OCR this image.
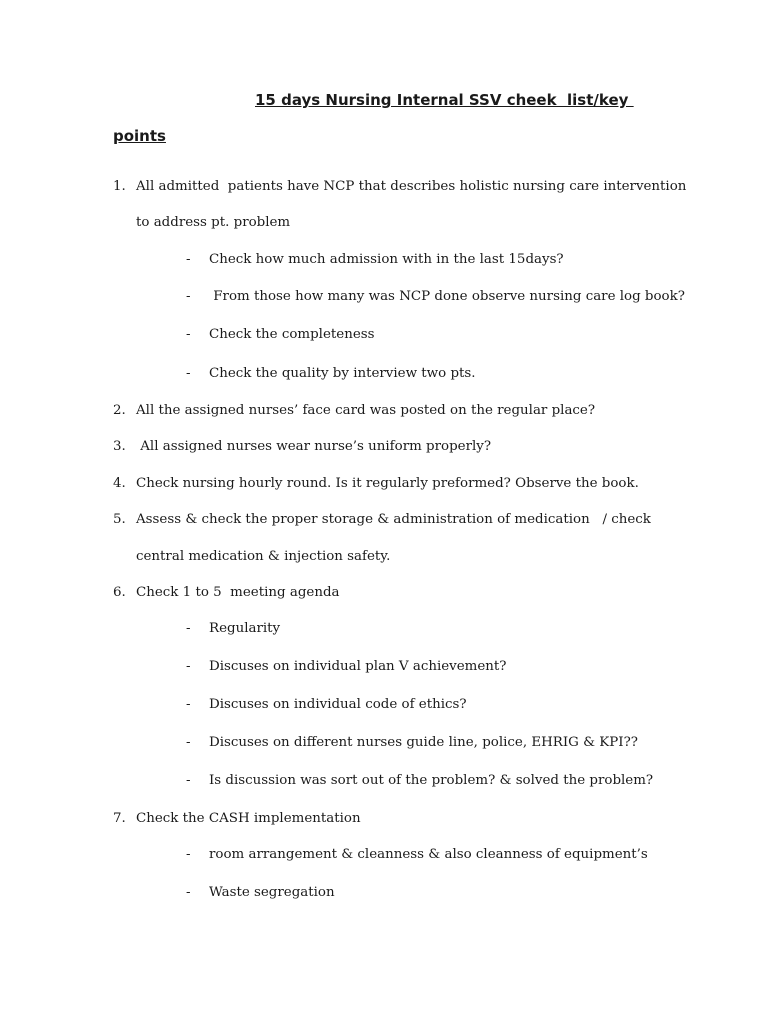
15 days Nursing Internal SSV cheek  list/key
points
1. All admitted  patients have NCP that describes holistic nursing care intervention
to address pt. problem
- Check how much admission with in the last 15days?
- From those how many was NCP done observe nursing care log book?
- Check the completeness
- Check the quality by interview two pts.
2. All the assigned nurses’ face card was posted on the regular place?
3. All assigned nurses wear nurse’s uniform properly?
4. Check nursing hourly round. Is it regularly preformed? Observe the book.
5. Assess & check the proper storage & administration of medication   / check
central medication & injection safety.
6. Check 1 to 5  meeting agenda
- Regularity
- Discuses on individual plan V achievement?
- Discuses on individual code of ethics?
- Discuses on different nurses guide line, police, EHRIG & KPI??
- Is discussion was sort out of the problem? & solved the problem?
7. Check the CASH implementation
- room arrangement & cleanness & also cleanness of equipment’s
- Waste segregation
